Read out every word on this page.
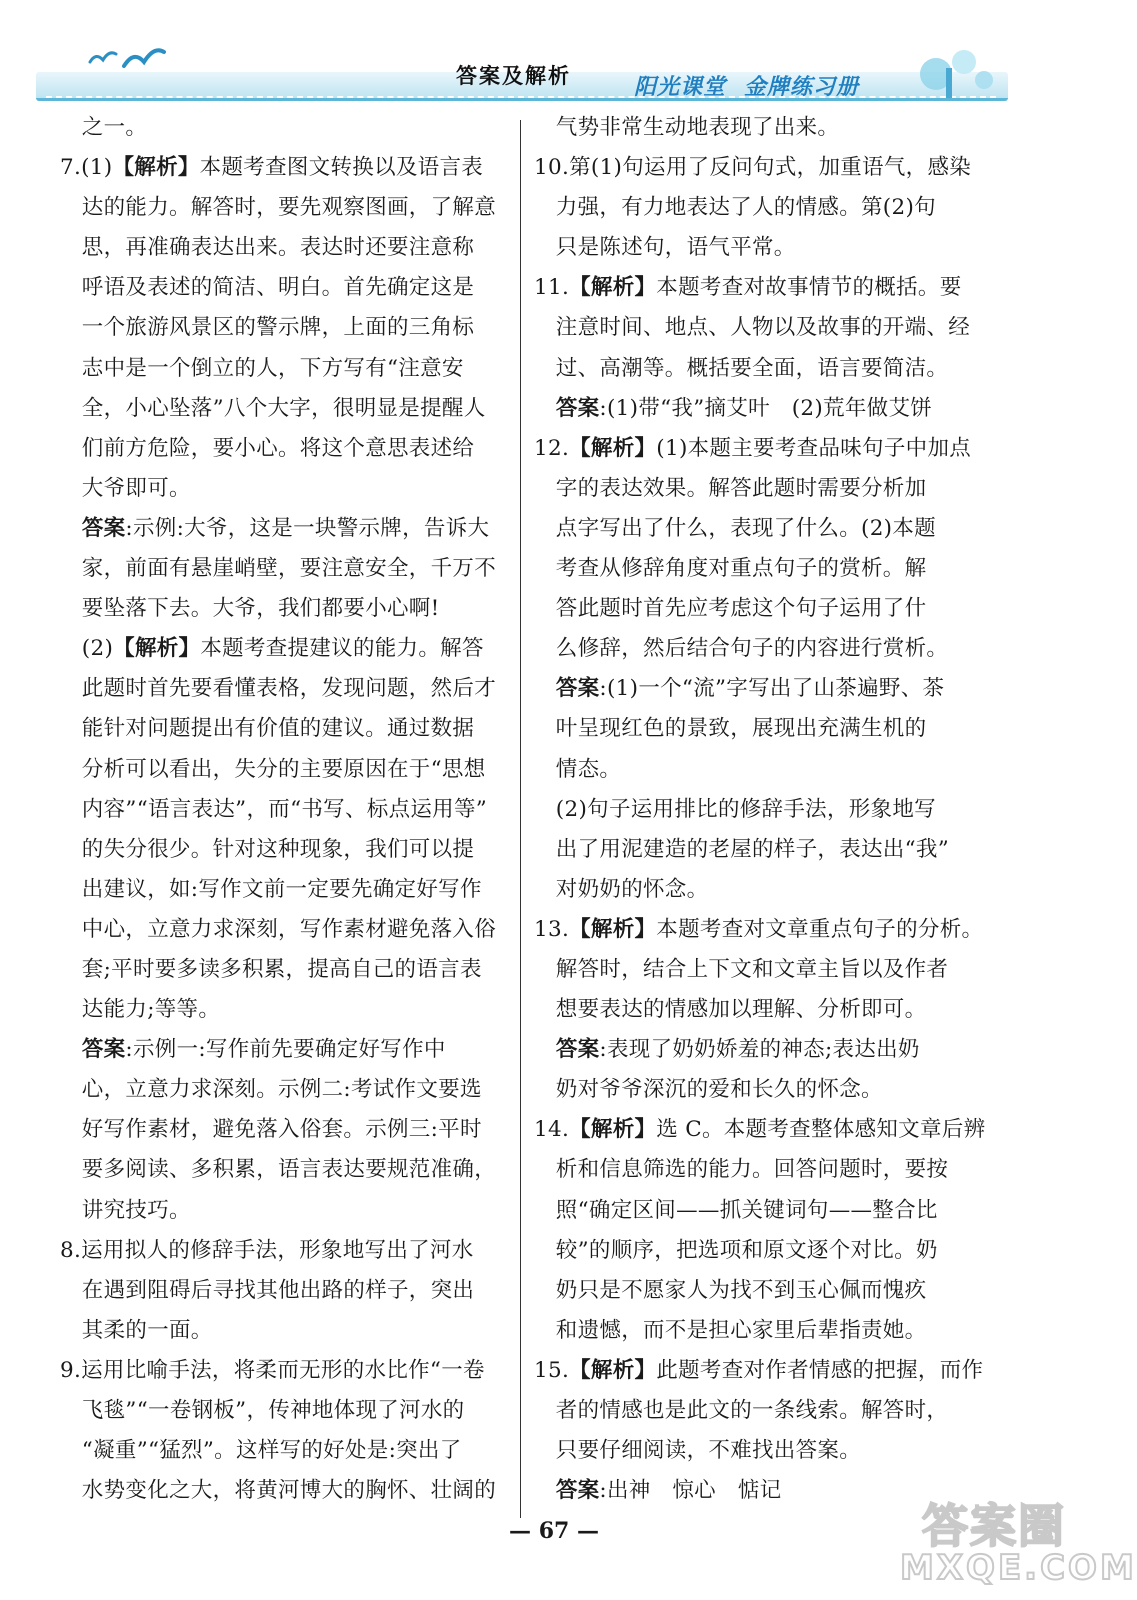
答案及解析	阳光课堂 金牌练习册
　之一。
7.(1)【解析】本题考查图文转换以及语言表
　达的能力。解答时，要先观察图画，了解意
　思，再准确表达出来。表达时还要注意称
　呼语及表述的简洁、明白。首先确定这是
　一个旅游风景区的警示牌，上面的三角标
　志中是一个倒立的人，下方写有“注意安
　全，小心坠落”八个大字，很明显是提醒人
　们前方危险，要小心。将这个意思表述给
　大爷即可。
　答案:示例:大爷，这是一块警示牌，告诉大
　家，前面有悬崖峭壁，要注意安全，千万不
　要坠落下去。大爷，我们都要小心啊!
　(2)【解析】本题考查提建议的能力。解答
　此题时首先要看懂表格，发现问题，然后才
　能针对问题提出有价值的建议。通过数据
　分析可以看出，失分的主要原因在于“思想
　内容”“语言表达”，而“书写、标点运用等”
　的失分很少。针对这种现象，我们可以提
　出建议，如:写作文前一定要先确定好写作
　中心，立意力求深刻，写作素材避免落入俗
　套;平时要多读多积累，提高自己的语言表
　达能力;等等。
　答案:示例一:写作前先要确定好写作中
　心，立意力求深刻。示例二:考试作文要选
　好写作素材，避免落入俗套。示例三:平时
　要多阅读、多积累，语言表达要规范准确，
　讲究技巧。
8.运用拟人的修辞手法，形象地写出了河水
　在遇到阻碍后寻找其他出路的样子，突出
　其柔的一面。
9.运用比喻手法，将柔而无形的水比作“一卷
　飞毯”“一卷钢板”，传神地体现了河水的
　“凝重”“猛烈”。这样写的好处是:突出了
　水势变化之大，将黄河博大的胸怀、壮阔的
　气势非常生动地表现了出来。
10.第(1)句运用了反问句式，加重语气，感染
　力强，有力地表达了人的情感。第(2)句
　只是陈述句，语气平常。
11.【解析】本题考查对故事情节的概括。要
　注意时间、地点、人物以及故事的开端、经
　过、高潮等。概括要全面，语言要简洁。
　答案:(1)带“我”摘艾叶　(2)荒年做艾饼
12.【解析】(1)本题主要考查品味句子中加点
　字的表达效果。解答此题时需要分析加
　点字写出了什么，表现了什么。(2)本题
　考查从修辞角度对重点句子的赏析。解
　答此题时首先应考虑这个句子运用了什
　么修辞，然后结合句子的内容进行赏析。
　答案:(1)一个“流”字写出了山茶遍野、茶
　叶呈现红色的景致，展现出充满生机的
　情态。
　(2)句子运用排比的修辞手法，形象地写
　出了用泥建造的老屋的样子，表达出“我”
　对奶奶的怀念。
13.【解析】本题考查对文章重点句子的分析。
　解答时，结合上下文和文章主旨以及作者
　想要表达的情感加以理解、分析即可。
　答案:表现了奶奶娇羞的神态;表达出奶
　奶对爷爷深沉的爱和长久的怀念。
14.【解析】选 C。本题考查整体感知文章后辨
　析和信息筛选的能力。回答问题时，要按
　照“确定区间——抓关键词句——整合比
　较”的顺序，把选项和原文逐个对比。奶
　奶只是不愿家人为找不到玉心佩而愧疚
　和遗憾，而不是担心家里后辈指责她。
15.【解析】此题考查对作者情感的把握，而作
　者的情感也是此文的一条线索。解答时，
　只要仔细阅读，不难找出答案。
　答案:出神　惊心　惦记
— 67 —	答案圈
MXQE.COM
